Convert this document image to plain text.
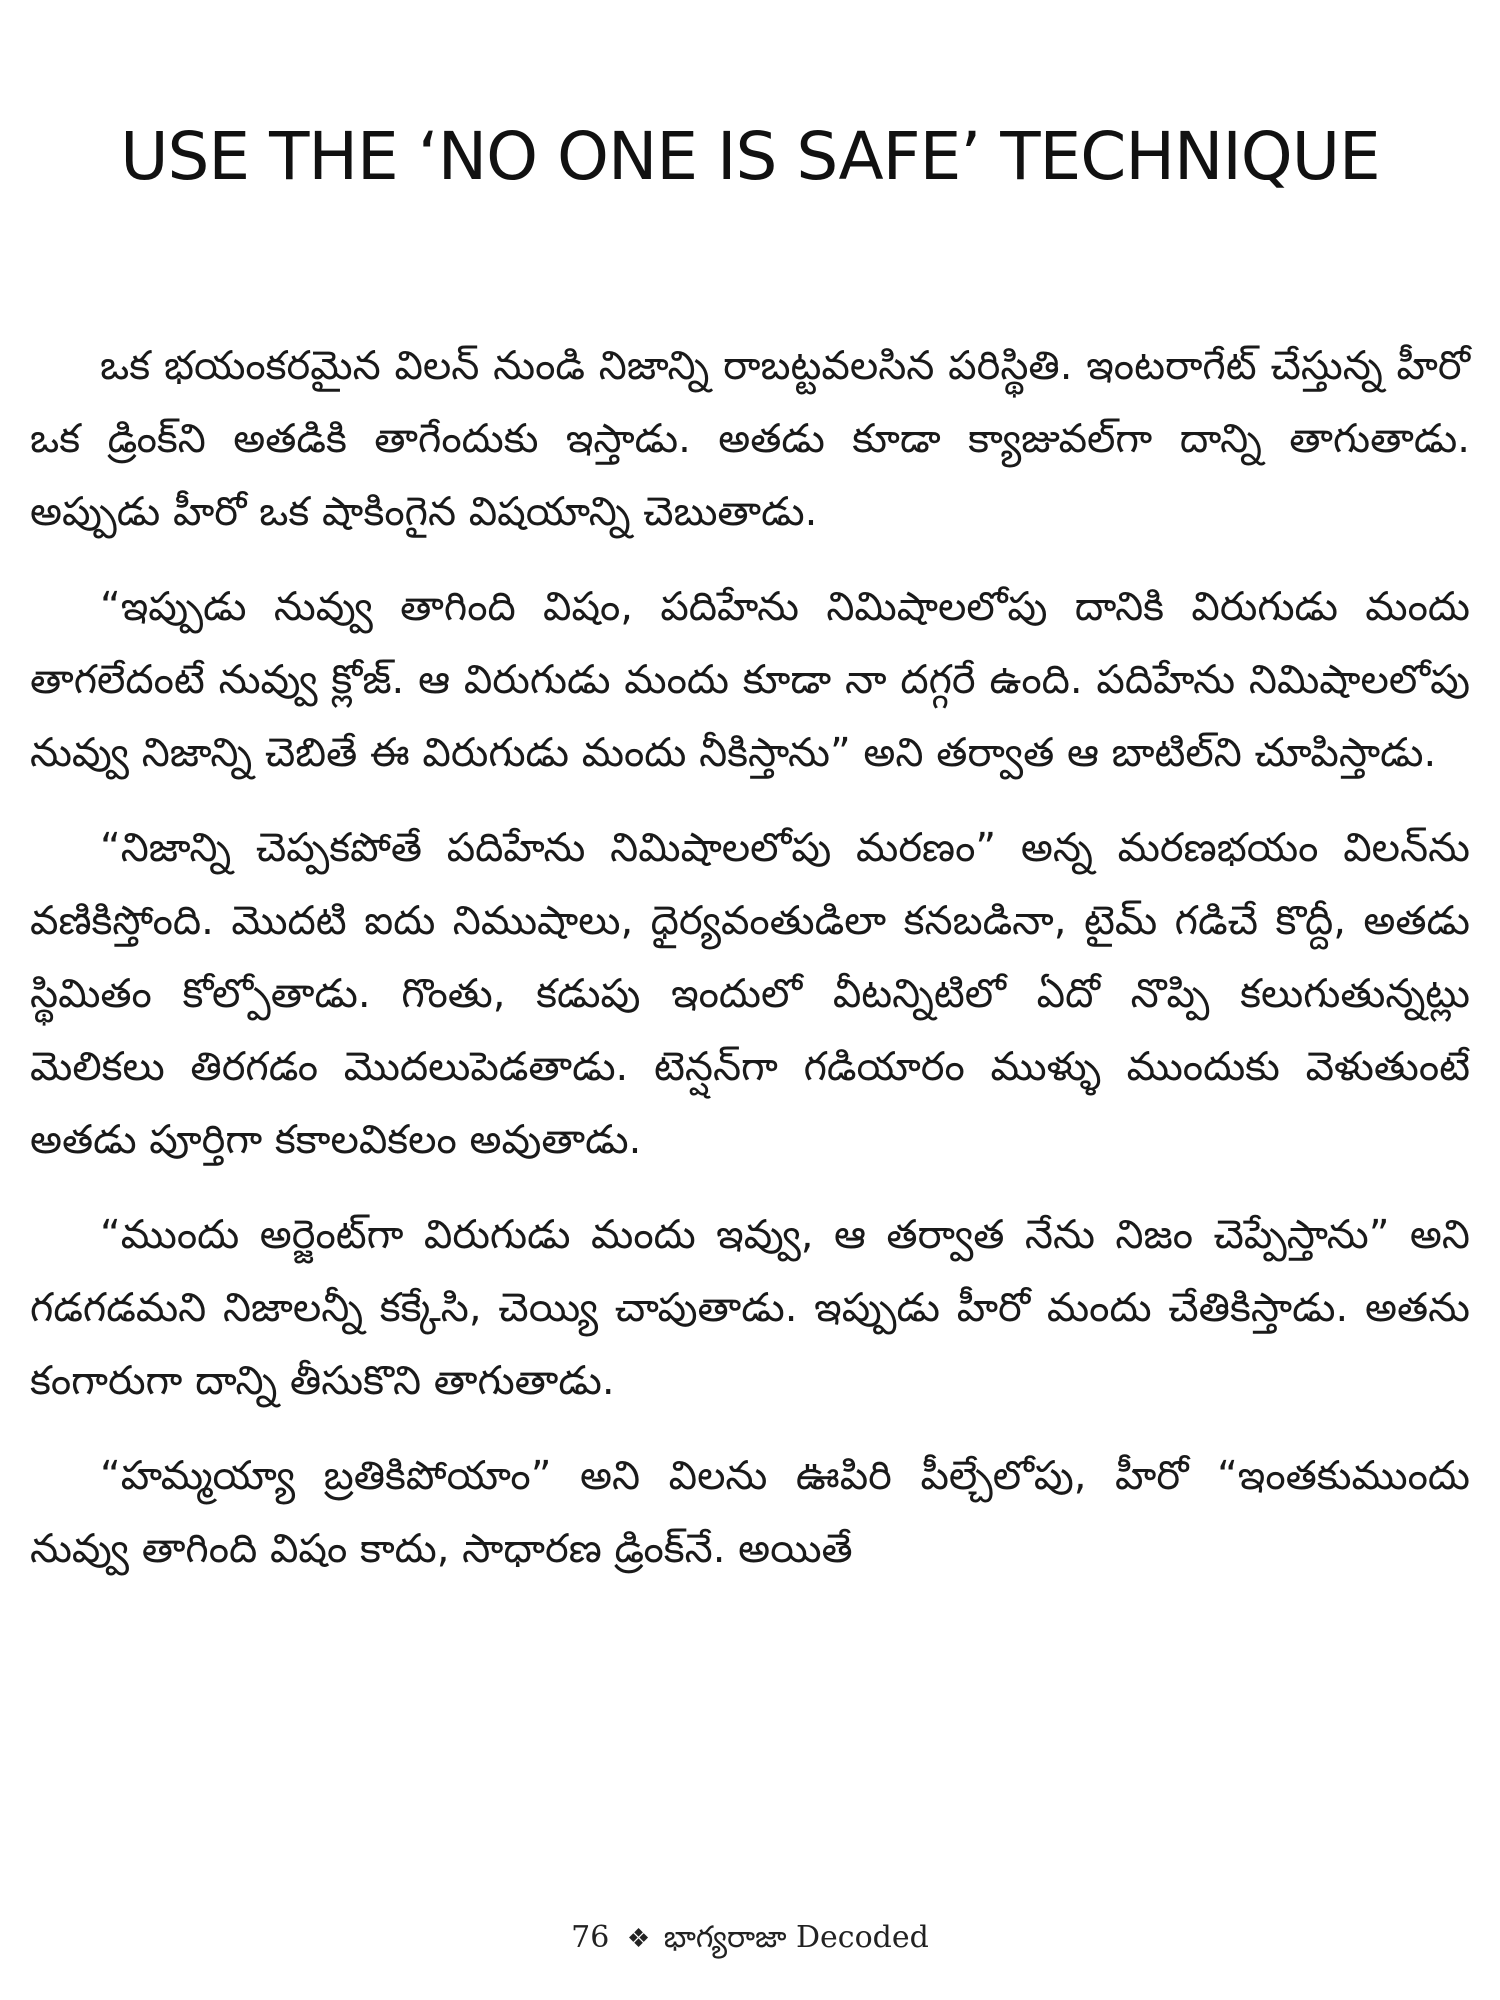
USE THE ‘NO ONE IS SAFE’ TECHNIQUE

ఒక భయంకరమైన విలన్ నుండి నిజాన్ని రాబట్టవలసిన పరిస్థితి. ఇంటరాగేట్ చేస్తున్న హీరో ఒక డ్రింక్‌ని అతడికి తాగేందుకు ఇస్తాడు. అతడు కూడా క్యాజువల్‌గా దాన్ని తాగుతాడు. అప్పుడు హీరో ఒక షాకింగైన విషయాన్ని చెబుతాడు.

“ఇప్పుడు నువ్వు తాగింది విషం, పదిహేను నిమిషాలలోపు దానికి విరుగుడు మందు తాగలేదంటే నువ్వు క్లోజ్. ఆ విరుగుడు మందు కూడా నా దగ్గరే ఉంది. పదిహేను నిమిషాలలోపు నువ్వు నిజాన్ని చెబితే ఈ విరుగుడు మందు నీకిస్తాను” అని తర్వాత ఆ బాటిల్‌ని చూపిస్తాడు.

“నిజాన్ని చెప్పకపోతే పదిహేను నిమిషాలలోపు మరణం” అన్న మరణభయం విలన్‌ను వణికిస్తోంది. మొదటి ఐదు నిముషాలు, ధైర్యవంతుడిలా కనబడినా, టైమ్ గడిచే కొద్దీ, అతడు స్థిమితం కోల్పోతాడు. గొంతు, కడుపు ఇందులో వీటన్నిటిలో ఏదో నొప్పి కలుగుతున్నట్లు మెలికలు తిరగడం మొదలుపెడతాడు. టెన్షన్‌గా గడియారం ముళ్ళు ముందుకు వెళుతుంటే అతడు పూర్తిగా కకాలవికలం అవుతాడు.

“ముందు అర్జెంట్‌గా విరుగుడు మందు ఇవ్వు, ఆ తర్వాత నేను నిజం చెప్పేస్తాను” అని గడగడమని నిజాలన్నీ కక్కేసి, చెయ్యి చాపుతాడు. ఇప్పుడు హీరో మందు చేతికిస్తాడు. అతను కంగారుగా దాన్ని తీసుకొని తాగుతాడు.

“హమ్మయ్యా బ్రతికిపోయాం” అని విలను ఊపిరి పీల్చేలోపు, హీరో “ఇంతకుముందు నువ్వు తాగింది విషం కాదు, సాధారణ డ్రింక్‌నే. అయితే

76 ❖ భాగ్యరాజా Decoded
